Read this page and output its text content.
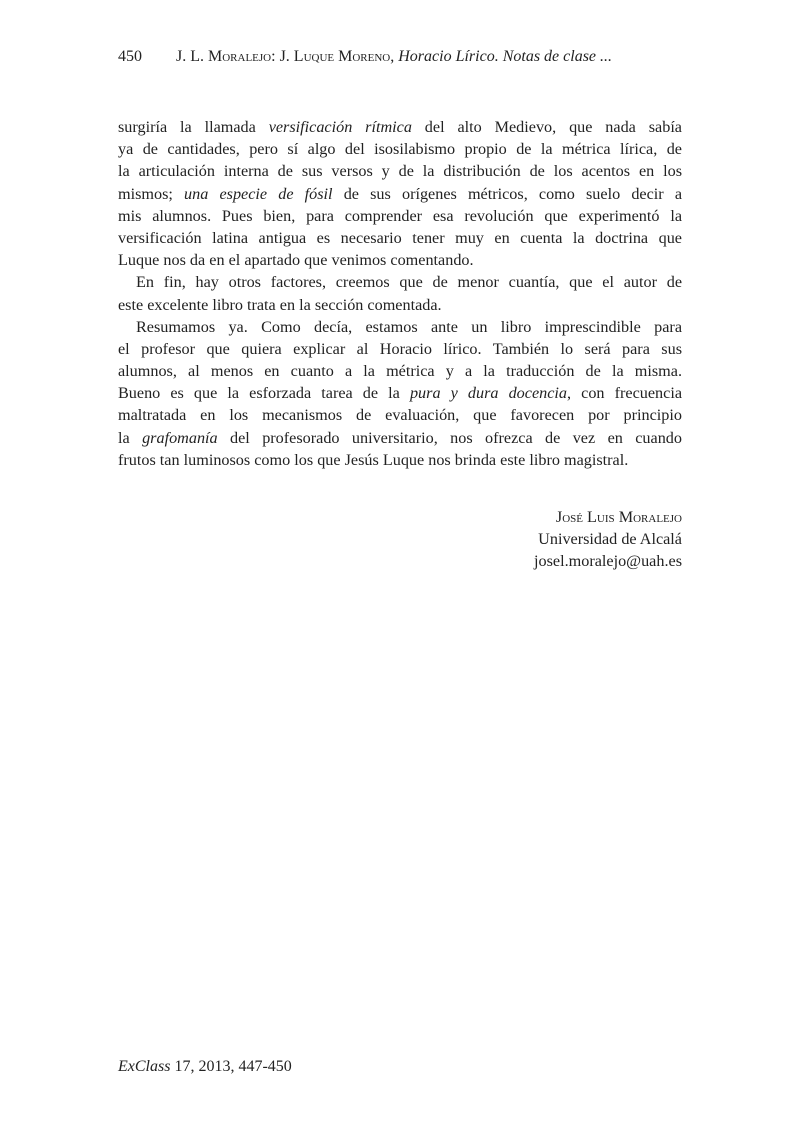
450 J. L. Moralejo: J. Luque Moreno, Horacio Lírico. Notas de clase ...
surgiría la llamada versificación rítmica del alto Medievo, que nada sabía
ya de cantidades, pero sí algo del isosilabismo propio de la métrica lírica, de
la articulación interna de sus versos y de la distribución de los acentos en los
mismos; una especie de fósil de sus orígenes métricos, como suelo decir a
mis alumnos. Pues bien, para comprender esa revolución que experimentó la
versificación latina antigua es necesario tener muy en cuenta la doctrina que
Luque nos da en el apartado que venimos comentando.
En fin, hay otros factores, creemos que de menor cuantía, que el autor de
este excelente libro trata en la sección comentada.
Resumamos ya. Como decía, estamos ante un libro imprescindible para
el profesor que quiera explicar al Horacio lírico. También lo será para sus
alumnos, al menos en cuanto a la métrica y a la traducción de la misma.
Bueno es que la esforzada tarea de la pura y dura docencia, con frecuencia
maltratada en los mecanismos de evaluación, que favorecen por principio
la grafomanía del profesorado universitario, nos ofrezca de vez en cuando
frutos tan luminosos como los que Jesús Luque nos brinda este libro magistral.
José Luis Moralejo
Universidad de Alcalá
josel.moralejo@uah.es
ExClass 17, 2013, 447-450
